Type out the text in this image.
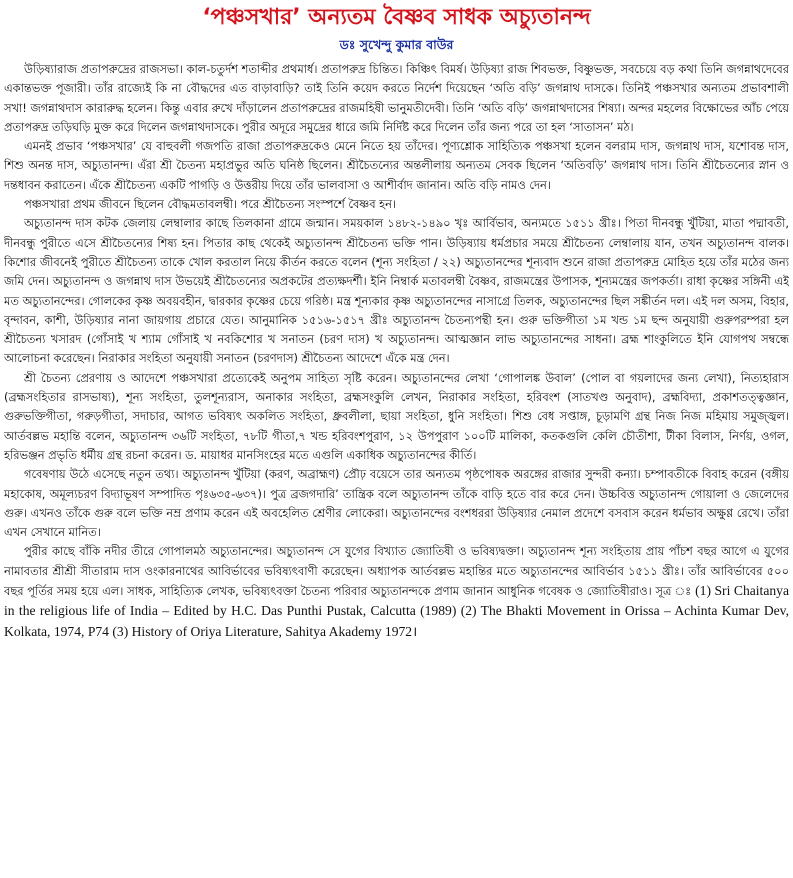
‘পঞ্চসখার’ অন্যতম বৈষ্ণব সাধক অচ্যুতানন্দ
ডঃ সুখেন্দু কুমার বাউর

উড়িষ্যারাজ প্রতাপরুদ্রের রাজসভা। কাল-চতুর্দশ শতাব্দীর প্রথমার্ধ। প্রতাপরুদ্র চিন্তিত। কিঞ্চিৎ বিমর্ষ। উড়িষ্যা রাজ শিবভক্ত, বিষ্ণুভক্ত, সবচেয়ে বড় কথা তিনি জগন্নাথদেবের একান্তভক্ত পূজারী। তাঁর রাজ্যেই কি না বৌদ্ধদের এত বাড়াবাড়ি? তাই তিনি কয়েদ করতে নির্দেশ দিয়েছেন ‘অতি বড়ি’ জগন্নাথ দাসকে। তিনিই পঞ্চসখার অন্যতম প্রভাবশালী সখা! জগন্নাথদাস কারারুদ্ধ হলেন। কিন্তু এবার রুখে দাঁড়ালেন প্রতাপরুদ্রের রাজমহিষী ভানুমতীদেবী। তিনি ‘অতি বড়ি’ জগন্নাথদাসের শিষ্যা। অন্দর মহলের বিক্ষোভের আঁচ পেয়ে প্রতাপরুদ্র তড়িঘড়ি মুক্ত করে দিলেন জগন্নাথদাসকে। পুরীর অদূরে সমুদ্রের ধারে জমি নির্দিষ্ট করে দিলেন তাঁর জন্য পরে তা হল ‘সাতাসন’ মঠ।

এমনই প্রভাব ‘পঞ্চসখার’ যে বাহুবলী গজপতি রাজা প্রতাপরুদ্রকেও মেনে নিতে হয় তাঁদের। পূণ্যশ্লোক সাহিত্যিক পঞ্চসখা হলেন বলরাম দাস, জগন্নাথ দাস, যশোবন্ত দাস, শিশু অনন্ত দাস, অচ্যুতানন্দ। এঁরা শ্রী চৈতন্য মহাপ্রভুর অতি ঘনিষ্ঠ ছিলেন। শ্রীচৈতন্যের অন্তলীলায় অন্যতম সেবক ছিলেন ‘অতিবড়ি’ জগন্নাথ দাস। তিনি শ্রীচৈতন্যের স্নান ও দন্তধাবন করাতেন। এঁকে শ্রীচৈতন্য একটি পাগড়ি ও উত্তরীয় দিয়ে তাঁর ভালবাসা ও আশীর্বাদ জানান। অতি বড়ি নামও দেন।

পঞ্চসখারা প্রথম জীবনে ছিলেন বৌদ্ধমতাবলম্বী। পরে শ্রীচৈতন্য সংস্পর্শে বৈষ্ণব হন।

অচ্যুতানন্দ দাস কটক জেলায় লেম্বালার কাছে তিলকানা গ্রামে জন্মান। সময়কাল ১৪৮২-১৪৯০ খৃঃ আর্বিভাব, অন্যমতে ১৫১১ খ্রীঃ। পিতা দীনবন্ধু খুঁটিয়া, মাতা পদ্মাবতী, দীনবন্ধু পুরীতে এসে শ্রীচৈতন্যের শিষ্য হন। পিতার কাছ থেকেই অচ্যুতানন্দ শ্রীচৈতন্য ভক্তি পান। উড়িষ্যায় ধর্মপ্রচার সময়ে শ্রীচৈতন্য লেম্বালায় যান, তখন অচ্যুতানন্দ বালক। কিশোর জীবনেই পুরীতে শ্রীচৈতন্য তাকে খোল করতাল নিয়ে কীর্তন করতে বলেন (শূন্য সংহিতা / ২২) অচ্যুতানন্দের শূন্যবাদ শুনে রাজা প্রতাপরুদ্র মোহিত হয়ে তাঁর মঠের জন্য জমি দেন। অচ্যুতানন্দ ও জগন্নাথ দাস উভয়েই শ্রীচৈতন্যের অপ্রকটের প্রত্যক্ষদর্শী। ইনি নিম্বার্ক মতাবলম্বী বৈষ্ণব, রাজমন্ত্রের উপাসক, শূন্যমন্ত্রের জপকর্তা। রাধা কৃষ্ণের সঙ্গিনী এই মত অচ্যুতানন্দের। গোলকের কৃষ্ণ অবয়বহীন, দ্বারকার কৃষ্ণের চেয়ে গরিষ্ঠ। মন্ত্র শূন্যকার কৃষ্ণ অচ্যুতানন্দের নাসাগ্রে তিলক, অচ্যুতানন্দের ছিল সঙ্কীর্তন দল। এই দল অসম, বিহার, বৃন্দাবন, কাশী, উড়িষ্যার নানা জায়গায় প্রচারে যেত। আনুমানিক ১৫১৬-১৫১৭ খ্রীঃ অচ্যুতানন্দ চৈতন্যপন্থী হন। গুরু ভক্তিগীতা ১ম খন্ড ১ম ছন্দ অনুযায়ী গুরুপরম্পরা হল শ্রীচৈতন্য খসারদ (গোঁসাই খ শ্যাম গোঁসাই খ নবকিশোর খ সনাতন (চরণ দাস) খ অচ্যুতানন্দ। আত্মজ্ঞান লাভ অচ্যুতানন্দের সাধনা। ব্রহ্ম শাংকুলিতে ইনি যোগপথ সম্বন্ধে আলোচনা করেছেন। নিরাকার সংহিতা অনুযায়ী সনাতন (চরণদাস) শ্রীচৈতন্য আদেশে এঁকে মন্ত্র দেন।

শ্রী চৈতন্য প্রেরণায় ও আদেশে পঞ্চসখারা প্রত্যেকেই অনুপম সাহিত্য সৃষ্টি করেন। অচ্যুতানন্দের লেখা ‘গোপালঙ্ক উবাল’ (পোল বা গয়লাদের জন্য লেখা), নিত্যহারাস (ব্রহ্মসংহিতার রাসভাষ্য), শূন্য সংহিতা, তুলশূন্যরাস, অনাকার সংহিতা, ব্রহ্মসংকুলি লেখন, নিরাকার সংহিতা, হরিবংশ (সাতখণ্ড অনুবাদ), ব্রহ্মবিদ্যা, প্রকাশতত্ত্বজ্ঞান, গুরুভক্তিগীতা, গরুড়গীতা, সদাচার, আগত ভবিষ্যৎ অকলিত সংহিতা, ধ্রুবলীলা, ছায়া সংহিতা, ধুনি সংহিতা। শিশু বেধ সপ্তাঙ্গ, চূড়ামণি গ্রন্থ নিজ নিজ মহিমায় সমুজ্জ্বল। আর্তবল্লভ মহান্তি বলেন, অচ্যুতানন্দ ৩৬টি সংহিতা, ৭৮টি গীতা,৭ খন্ড হরিবংশপুরাণ, ১২ উপপুরাণ ১০০টি মালিকা, কতকগুলি কেলি চৌতীশা, টীকা বিলাস, নির্ণয়, ওগল, হরিভঞ্জন প্রভৃতি ধর্মীয় গ্রন্থ রচনা করেন। ড. মায়াধর মানসিংহের মতে এগুলি একাধিক অচ্যুতানন্দের কীর্তি।

গবেষণায় উঠে এসেছে নতুন তথ্য। অচ্যুতানন্দ খুঁটিয়া (করণ, অব্রাহ্মণ) প্রৌঢ় বয়েসে তার অন্যতম পৃষ্ঠপোষক অরঙ্গের রাজার সুন্দরী কন্যা। চম্পাবতীকে বিবাহ করেন (বঙ্গীয় মহাকোষ, অমূল্যচরণ বিদ্যাভূষণ সম্পাদিত পৃঃ৬৩৫-৬৩৭)। পুত্র ব্রজগদারি’ তান্ত্রিক বলে অচ্যুতানন্দ তাঁকে বাড়ি হতে বার করে দেন। উচ্চবিত্ত অচ্যুতানন্দ গোয়ালা ও জেলেদের গুরু। এখনও তাঁকে গুরু বলে ভক্তি নম্র প্রণাম করেন এই অবহেলিত শ্রেণীর লোকেরা। অচ্যুতানন্দের বংশধররা উড়িষ্যার নেমাল প্রদেশে বসবাস করেন ধর্মভাব অক্ষুণ্ণ রেখে। তাঁরা এখন সেখানে মানিত।

পুরীর কাছে বাঁকি নদীর তীরে গোপালমঠ অচ্যুতানন্দের। অচ্যুতানন্দ সে যুগের বিখ্যাত জ্যোতিষী ও ভবিষ্যদ্বক্তা। অচ্যুতানন্দ শূন্য সংহিতায় প্রায় পাঁচশ বছর আগে এ যুগের নামাবতার শ্রীশ্রী সীতারাম দাস ওংকারনাথের আবির্ভাবের ভবিষ্যৎবাণী করেছেন। অধ্যাপক আর্তবল্লভ মহান্তির মতে অচ্যুতানন্দের আবির্ভাব ১৫১১ খ্রীঃ। তাঁর আবির্ভাবের ৫০০ বছর পূর্তির সময় হয়ে এল। সাধক, সাহিত্যিক লেখক, ভবিষ্যৎবক্তা চৈতন্য পরিবার অচ্যুতানন্দকে প্রণাম জানান আধুনিক গবেষক ও জ্যোতিষীরাও। সূত্র ঃ (1) Sri Chaitanya in the religious life of India – Edited by H.C. Das Punthi Pustak, Calcutta (1989) (2) The Bhakti Movement in Orissa – Achinta Kumar Dev, Kolkata, 1974, P74 (3) History of Oriya Literature, Sahitya Akademy 1972।
